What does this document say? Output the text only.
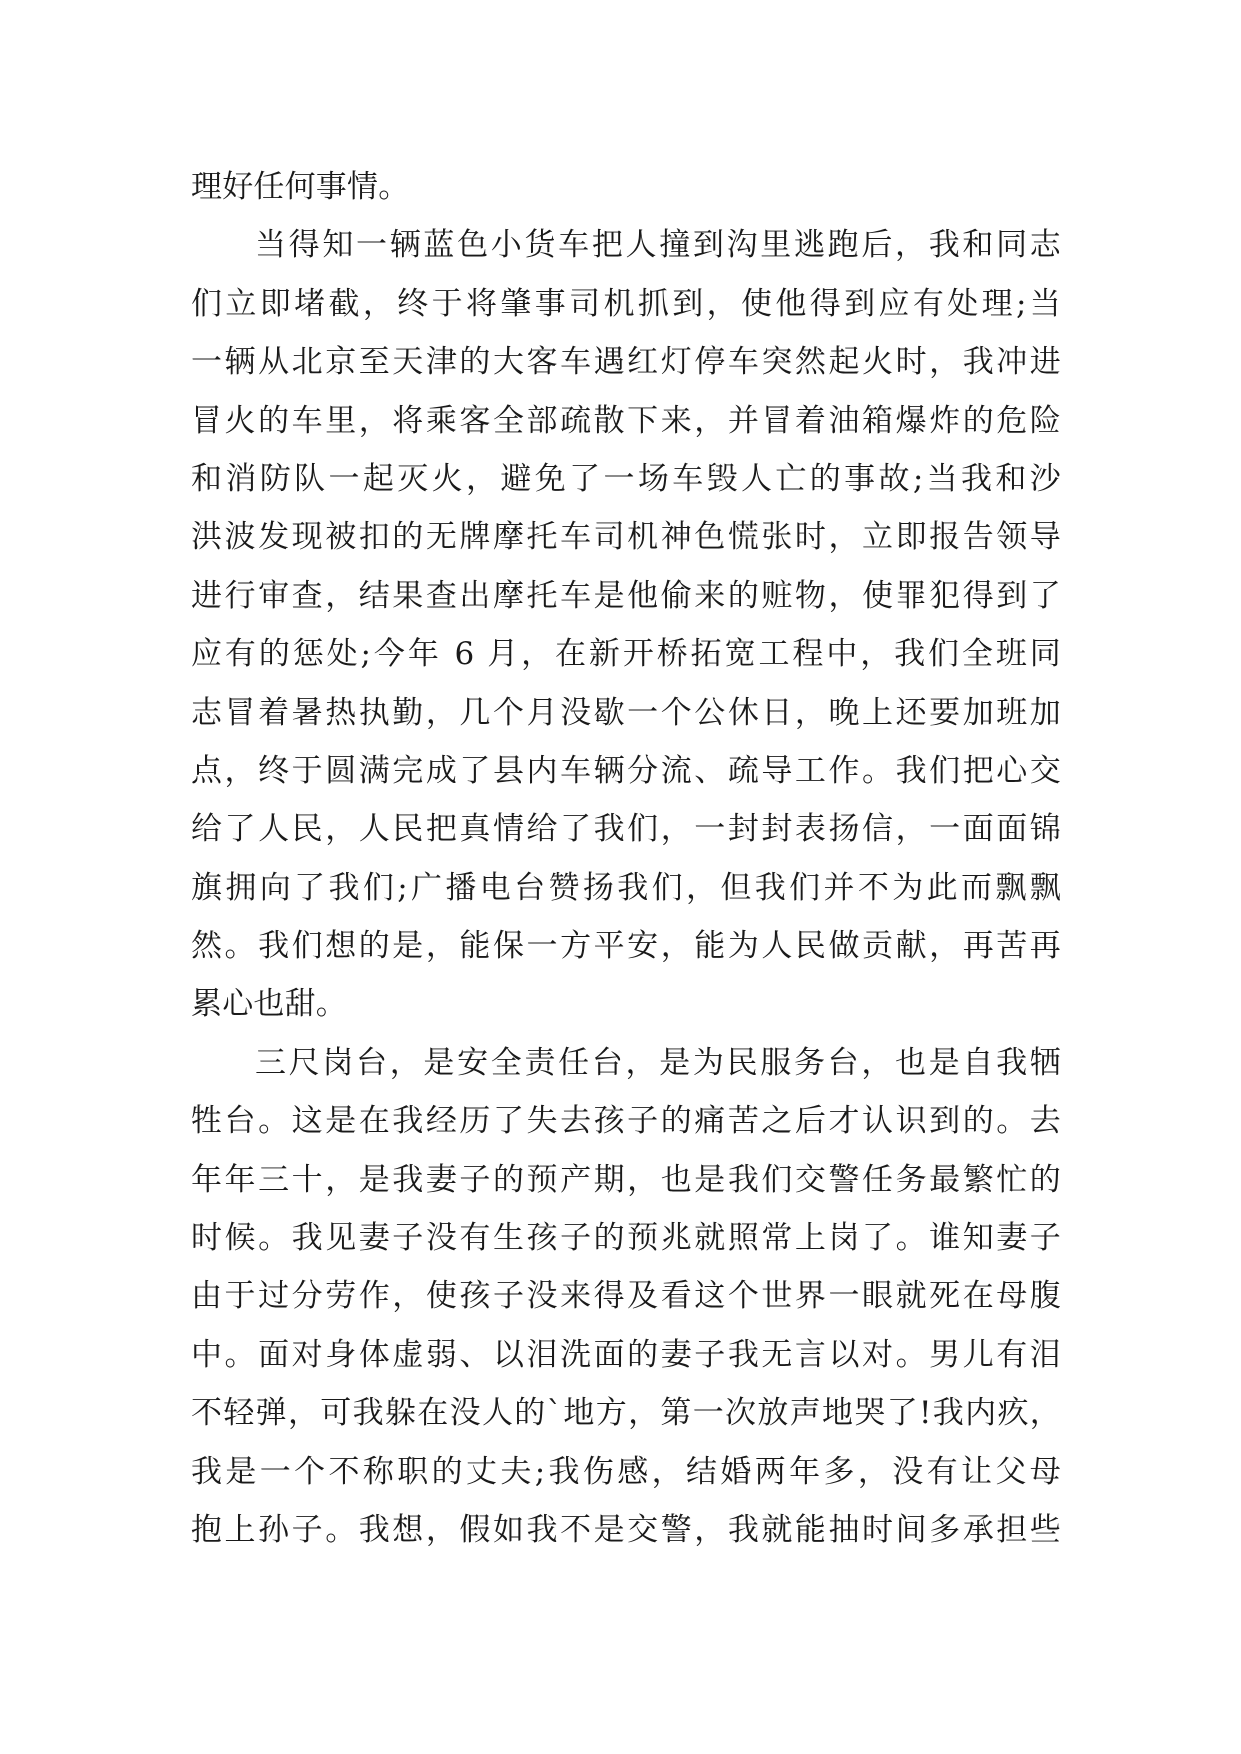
理好任何事情。
当得知一辆蓝色小货车把人撞到沟里逃跑后，我和同志
们立即堵截，终于将肇事司机抓到，使他得到应有处理;当
一辆从北京至天津的大客车遇红灯停车突然起火时，我冲进
冒火的车里，将乘客全部疏散下来，并冒着油箱爆炸的危险
和消防队一起灭火，避免了一场车毁人亡的事故;当我和沙
洪波发现被扣的无牌摩托车司机神色慌张时，立即报告领导
进行审查，结果查出摩托车是他偷来的赃物，使罪犯得到了
应有的惩处;今年 6 月，在新开桥拓宽工程中，我们全班同
志冒着暑热执勤，几个月没歇一个公休日，晚上还要加班加
点，终于圆满完成了县内车辆分流、疏导工作。我们把心交
给了人民，人民把真情给了我们，一封封表扬信，一面面锦
旗拥向了我们;广播电台赞扬我们，但我们并不为此而飘飘
然。我们想的是，能保一方平安，能为人民做贡献，再苦再
累心也甜。
三尺岗台，是安全责任台，是为民服务台，也是自我牺
牲台。这是在我经历了失去孩子的痛苦之后才认识到的。去
年年三十，是我妻子的预产期，也是我们交警任务最繁忙的
时候。我见妻子没有生孩子的预兆就照常上岗了。谁知妻子
由于过分劳作，使孩子没来得及看这个世界一眼就死在母腹
中。面对身体虚弱、以泪洗面的妻子我无言以对。男儿有泪
不轻弹，可我躲在没人的`地方，第一次放声地哭了!我内疚，
我是一个不称职的丈夫;我伤感，结婚两年多，没有让父母
抱上孙子。我想，假如我不是交警，我就能抽时间多承担些
